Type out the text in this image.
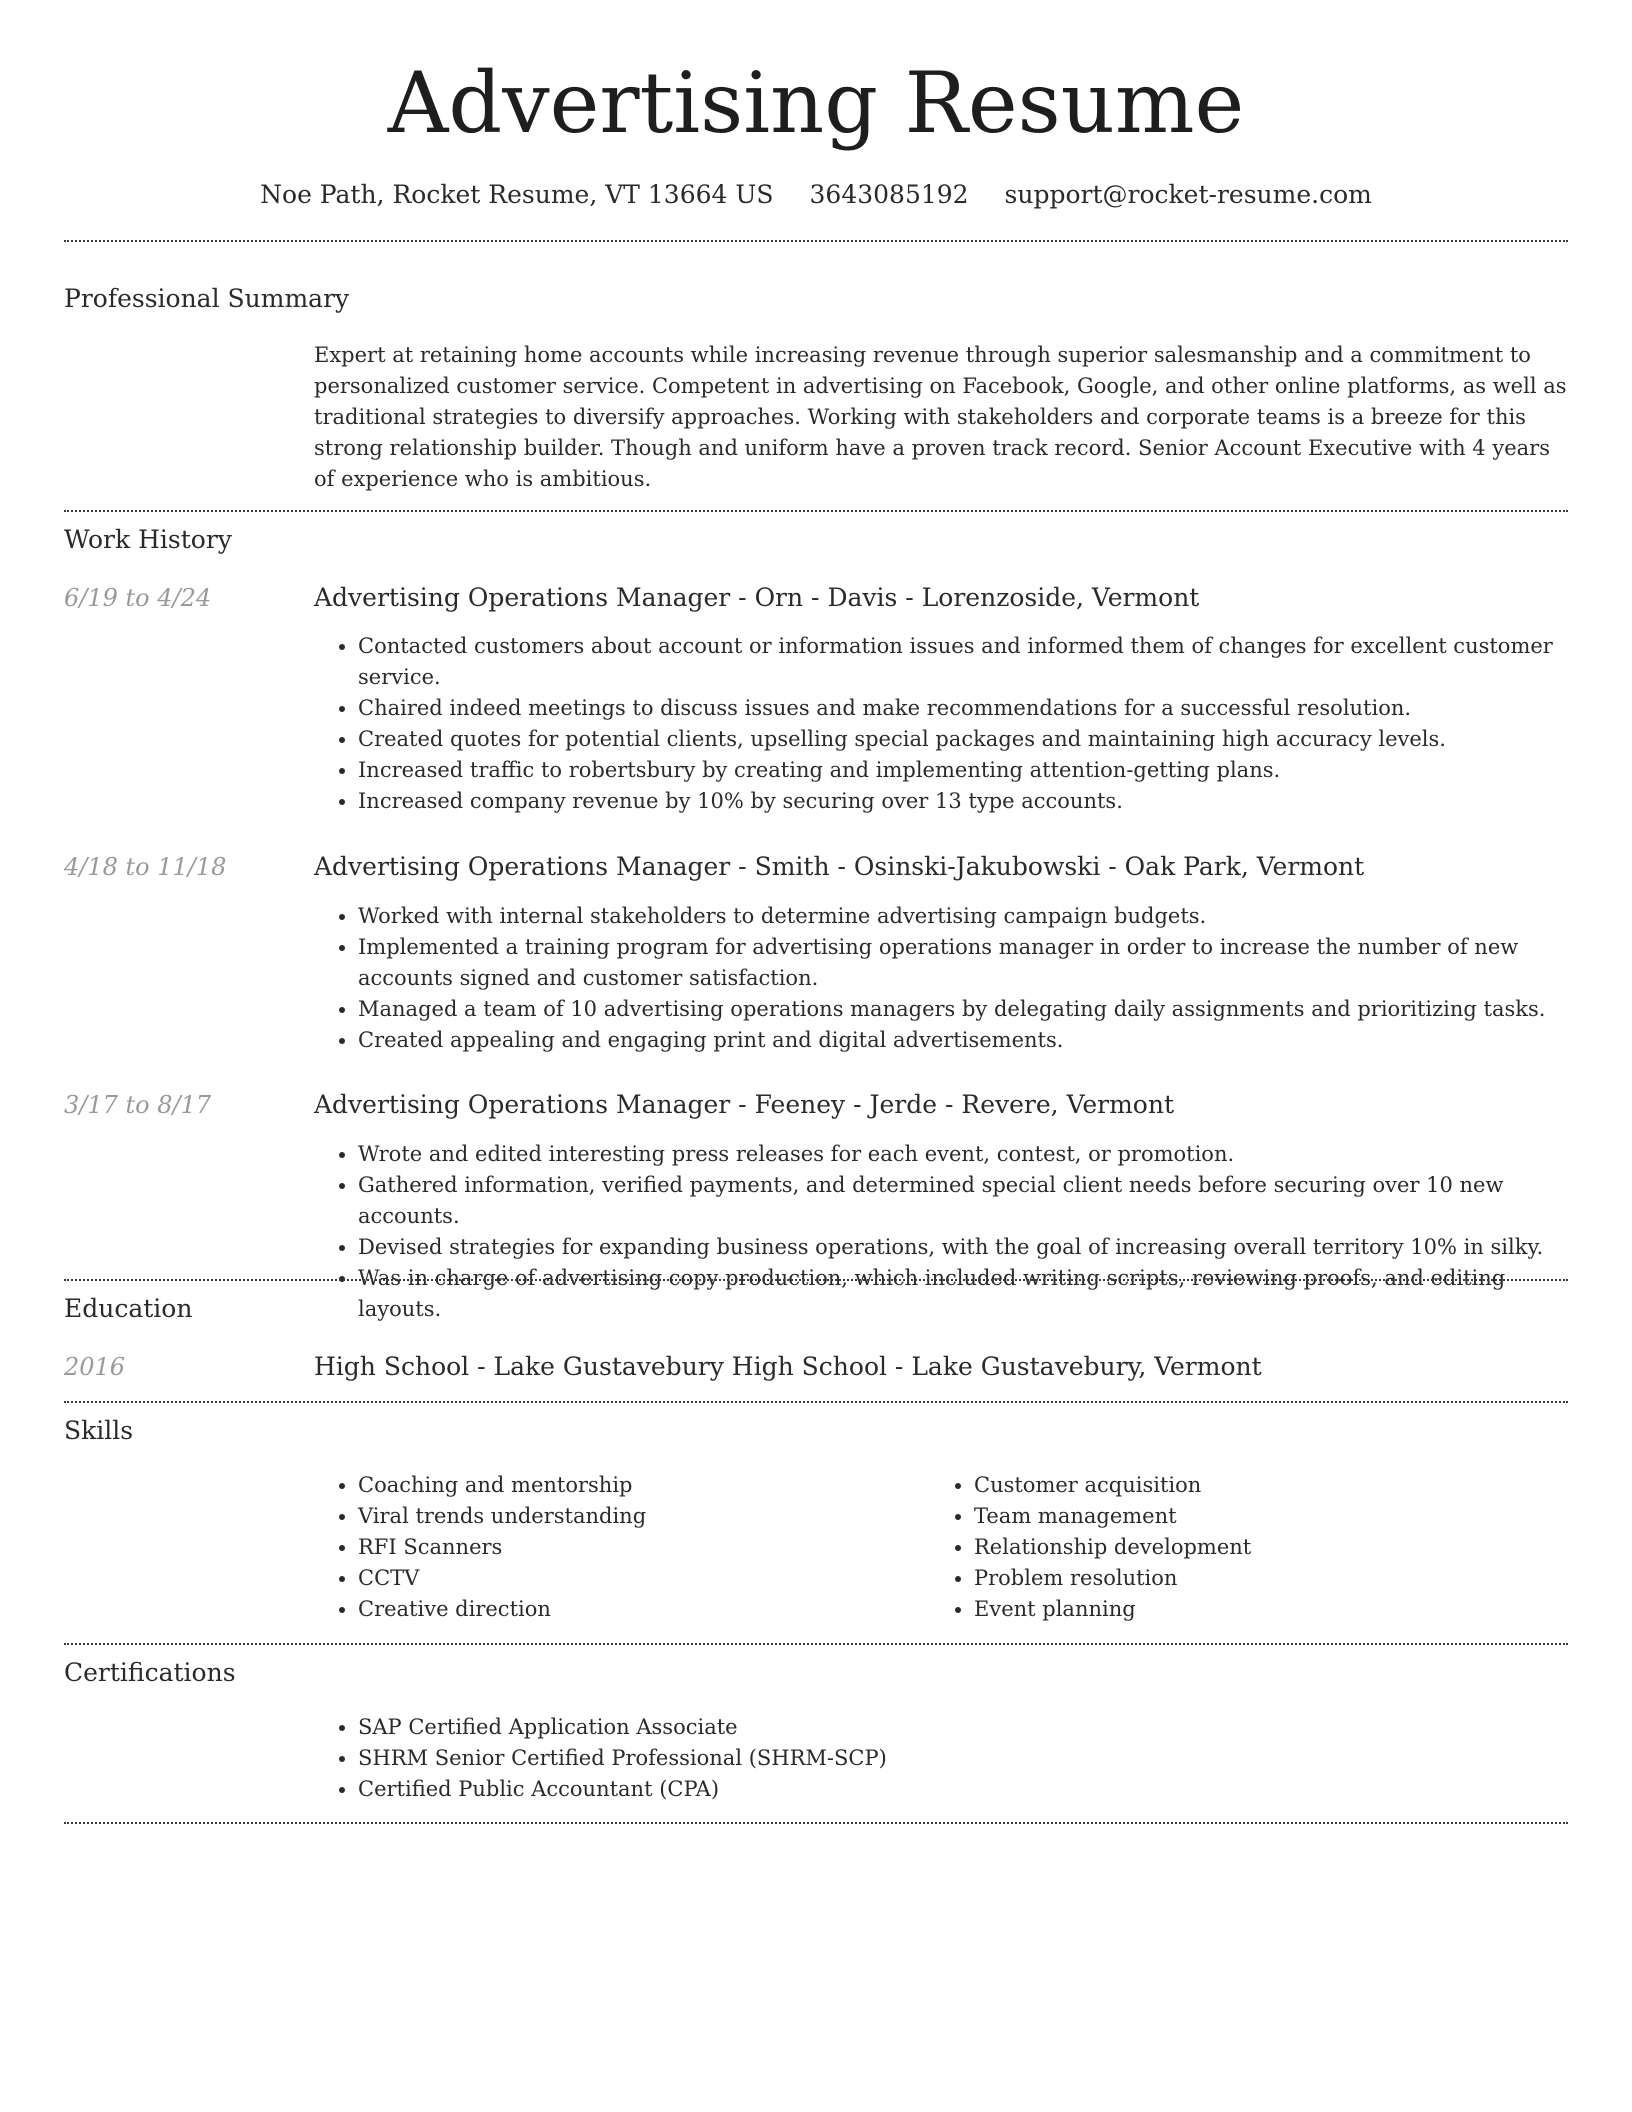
Advertising Resume
Noe Path, Rocket Resume, VT 13664 US 3643085192 support@rocket-resume.com
Professional Summary

Expert at retaining home accounts while increasing revenue through superior salesmanship and a commitment to personalized customer service. Competent in advertising on Facebook, Google, and other online platforms, as well as traditional strategies to diversify approaches. Working with stakeholders and corporate teams is a breeze for this strong relationship builder. Though and uniform have a proven track record. Senior Account Executive with 4 years of experience who is ambitious.

Work History
6/19 to 4/24	Advertising Operations Manager - Orn - Davis - Lorenzoside, Vermont
• Contacted customers about account or information issues and informed them of changes for excellent customer service.
• Chaired indeed meetings to discuss issues and make recommendations for a successful resolution.
• Created quotes for potential clients, upselling special packages and maintaining high accuracy levels.
• Increased traffic to robertsbury by creating and implementing attention-getting plans.
• Increased company revenue by 10% by securing over 13 type accounts.
4/18 to 11/18	Advertising Operations Manager - Smith - Osinski-Jakubowski - Oak Park, Vermont
• Worked with internal stakeholders to determine advertising campaign budgets.
• Implemented a training program for advertising operations manager in order to increase the number of new accounts signed and customer satisfaction.
• Managed a team of 10 advertising operations managers by delegating daily assignments and prioritizing tasks.
• Created appealing and engaging print and digital advertisements.
3/17 to 8/17	Advertising Operations Manager - Feeney - Jerde - Revere, Vermont
• Wrote and edited interesting press releases for each event, contest, or promotion.
• Gathered information, verified payments, and determined special client needs before securing over 10 new accounts.
• Devised strategies for expanding business operations, with the goal of increasing overall territory 10% in silky.
• Was in charge of advertising copy production, which included writing scripts, reviewing proofs, and editing layouts.
Education
2016	High School - Lake Gustavebury High School - Lake Gustavebury, Vermont
Skills
• Coaching and mentorship
• Viral trends understanding
• RFI Scanners
• CCTV
• Creative direction
• Customer acquisition
• Team management
• Relationship development
• Problem resolution
• Event planning
Certifications
• SAP Certified Application Associate
• SHRM Senior Certified Professional (SHRM-SCP)
• Certified Public Accountant (CPA)
